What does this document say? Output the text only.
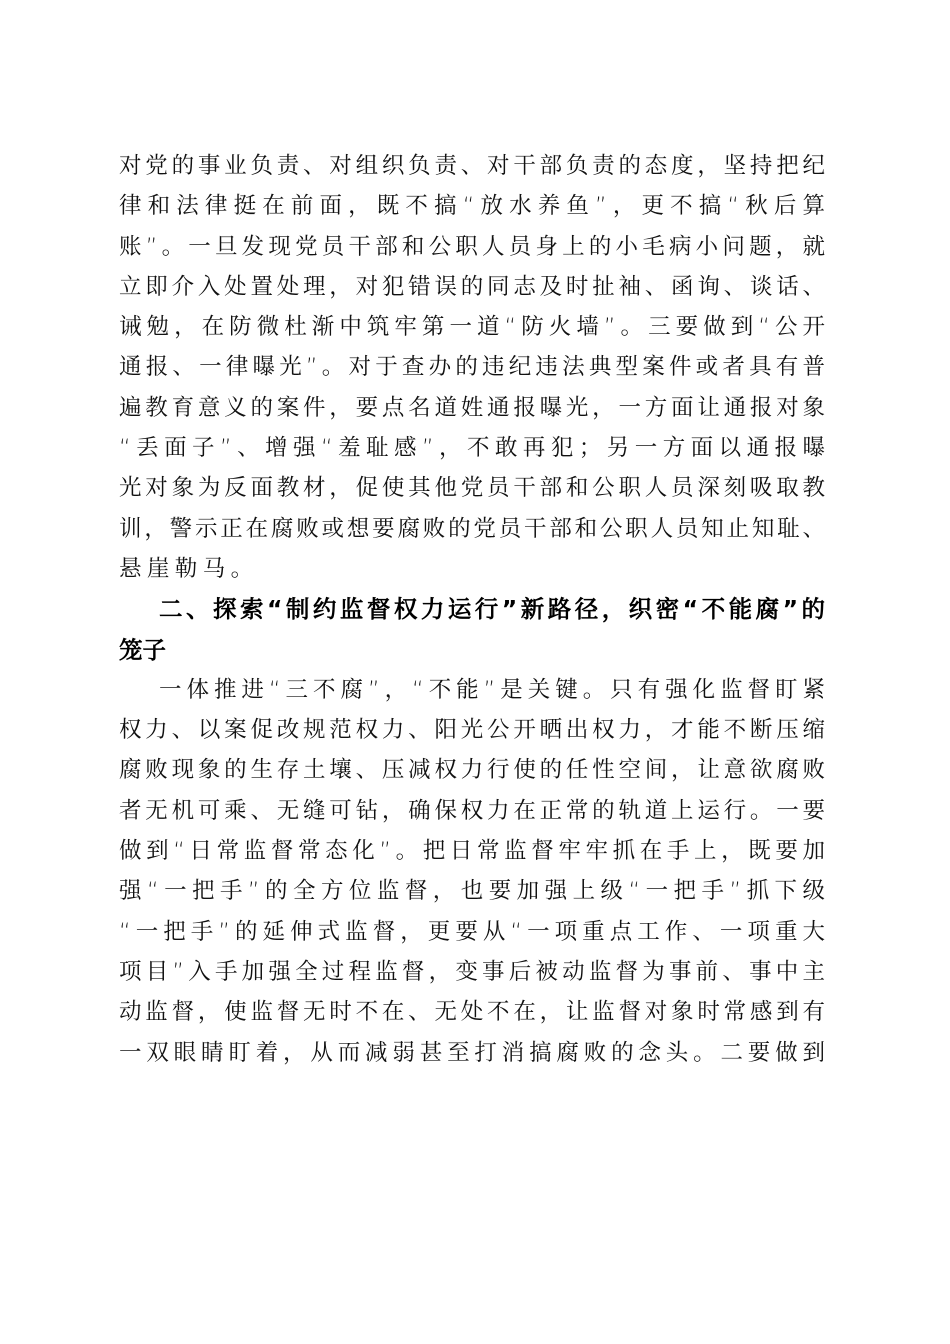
对党的事业负责、对组织负责、对干部负责的态度，坚持把纪
律和法律挺在前面，既不搞“放水养鱼”，更不搞“秋后算
账”。一旦发现党员干部和公职人员身上的小毛病小问题，就
立即介入处置处理，对犯错误的同志及时扯袖、函询、谈话、
诫勉，在防微杜渐中筑牢第一道“防火墙”。三要做到“公开
通报、一律曝光”。对于查办的违纪违法典型案件或者具有普
遍教育意义的案件，要点名道姓通报曝光，一方面让通报对象
“丢面子”、增强“羞耻感”，不敢再犯；另一方面以通报曝
光对象为反面教材，促使其他党员干部和公职人员深刻吸取教
训，警示正在腐败或想要腐败的党员干部和公职人员知止知耻、
悬崖勒马。
二、探索“制约监督权力运行”新路径，织密“不能腐”的
笼子
一体推进“三不腐”，“不能”是关键。只有强化监督盯紧
权力、以案促改规范权力、阳光公开晒出权力，才能不断压缩
腐败现象的生存土壤、压减权力行使的任性空间，让意欲腐败
者无机可乘、无缝可钻，确保权力在正常的轨道上运行。一要
做到“日常监督常态化”。把日常监督牢牢抓在手上，既要加
强“一把手”的全方位监督，也要加强上级“一把手”抓下级
“一把手”的延伸式监督，更要从“一项重点工作、一项重大
项目”入手加强全过程监督，变事后被动监督为事前、事中主
动监督，使监督无时不在、无处不在，让监督对象时常感到有
一双眼睛盯着，从而减弱甚至打消搞腐败的念头。二要做到
